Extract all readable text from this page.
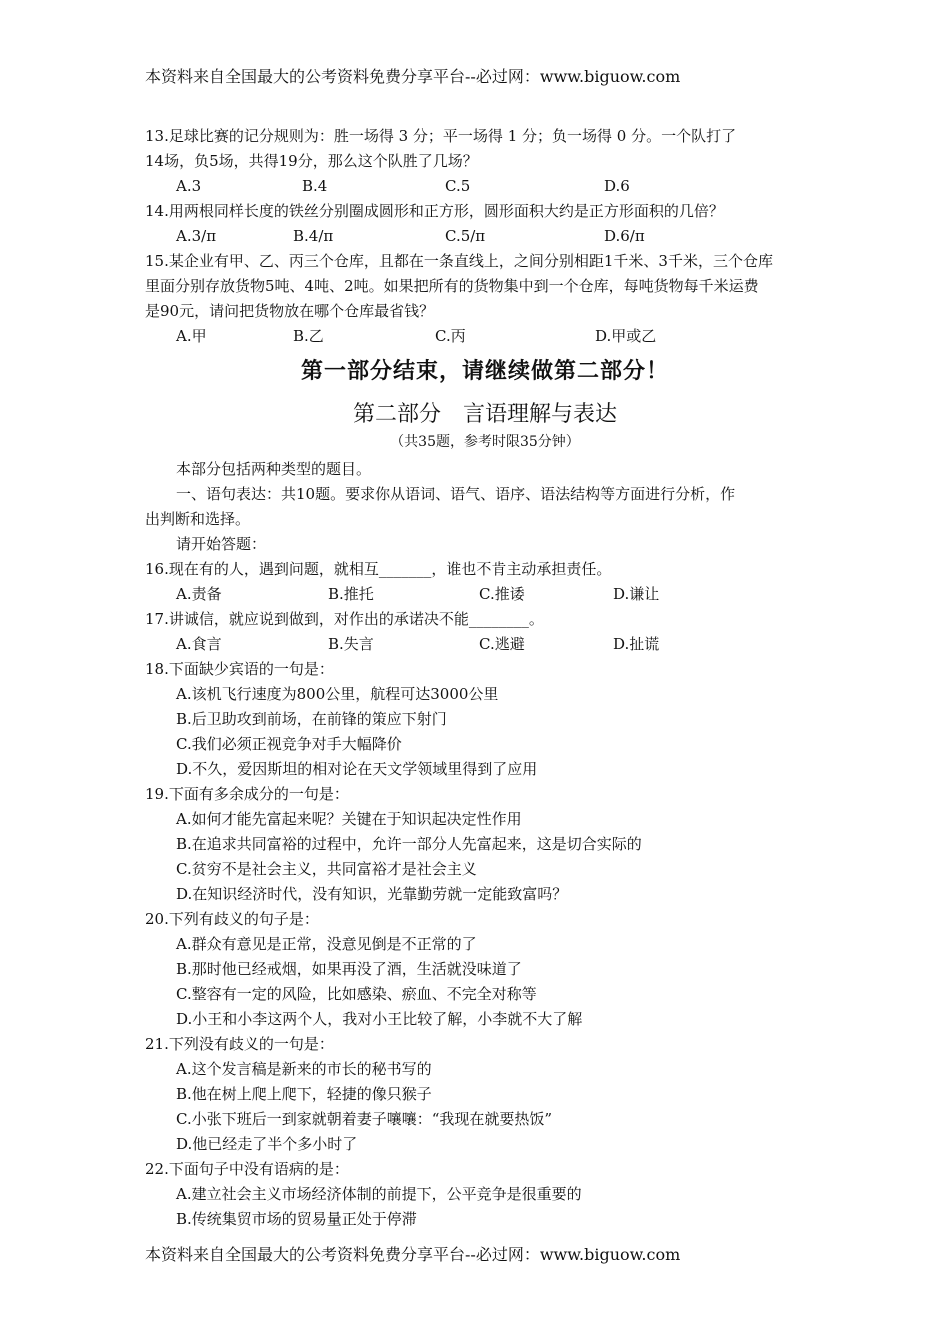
本资料来自全国最大的公考资料免费分享平台--必过网：www.biguow.com
13.足球比赛的记分规则为：胜一场得 3 分；平一场得 1 分；负一场得 0 分。一个队打了
14场，负5场，共得19分，那么这个队胜了几场？
A.3	B.4	C.5	D.6
14.用两根同样长度的铁丝分别圈成圆形和正方形，圆形面积大约是正方形面积的几倍？
A.3/π	B.4/π	C.5/π	D.6/π
15.某企业有甲、乙、丙三个仓库，且都在一条直线上，之间分别相距1千米、3千米，三个仓库
里面分别存放货物5吨、4吨、2吨。如果把所有的货物集中到一个仓库，每吨货物每千米运费
是90元，请问把货物放在哪个仓库最省钱？
A.甲	B.乙	C.丙	D.甲或乙
第一部分结束，请继续做第二部分！
第二部分　言语理解与表达
（共35题，参考时限35分钟）
本部分包括两种类型的题目。
一、语句表达：共10题。要求你从语词、语气、语序、语法结构等方面进行分析，作
出判断和选择。
请开始答题：
16.现在有的人，遇到问题，就相互_______，谁也不肯主动承担责任。
A.责备	B.推托	C.推诿	D.谦让
17.讲诚信，就应说到做到，对作出的承诺决不能________。
A.食言	B.失言	C.逃避	D.扯谎
18.下面缺少宾语的一句是：
A.该机飞行速度为800公里，航程可达3000公里
B.后卫助攻到前场，在前锋的策应下射门
C.我们必须正视竞争对手大幅降价
D.不久，爱因斯坦的相对论在天文学领域里得到了应用
19.下面有多余成分的一句是：
A.如何才能先富起来呢？关键在于知识起决定性作用
B.在追求共同富裕的过程中，允许一部分人先富起来，这是切合实际的
C.贫穷不是社会主义，共同富裕才是社会主义
D.在知识经济时代，没有知识，光靠勤劳就一定能致富吗？
20.下列有歧义的句子是：
A.群众有意见是正常，没意见倒是不正常的了
B.那时他已经戒烟，如果再没了酒，生活就没味道了
C.整容有一定的风险，比如感染、瘀血、不完全对称等
D.小王和小李这两个人，我对小王比较了解，小李就不大了解
21.下列没有歧义的一句是：
A.这个发言稿是新来的市长的秘书写的
B.他在树上爬上爬下，轻捷的像只猴子
C.小张下班后一到家就朝着妻子嚷嚷：“我现在就要热饭”
D.他已经走了半个多小时了
22.下面句子中没有语病的是：
A.建立社会主义市场经济体制的前提下，公平竞争是很重要的
B.传统集贸市场的贸易量正处于停滞
本资料来自全国最大的公考资料免费分享平台--必过网：www.biguow.com
